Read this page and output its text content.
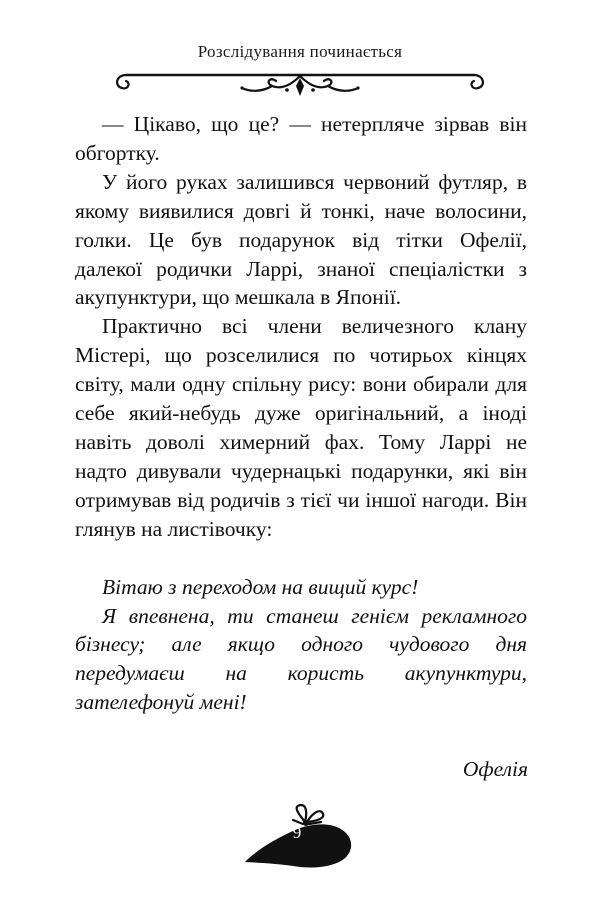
Розслідування починається

— Цікаво, що це? — нетерпляче зірвав він обгортку.

У його руках залишився червоний футляр, в якому виявилися довгі й тонкі, наче волосини, голки. Це був подарунок від тітки Офелії, далекої родички Ларрі, знаної спеціалістки з акупунктури, що мешкала в Японії.

Практично всі члени величезного клану Містері, що розселилися по чотирьох кінцях світу, мали одну спільну рису: вони обирали для себе який-небудь дуже оригінальний, а іноді навіть доволі химерний фах. Тому Ларрі не надто дивували чудернацькі подарунки, які він отримував від родичів з тієї чи іншої нагоди. Він глянув на листівочку:

Вітаю з переходом на вищий курс!

Я впевнена, ти станеш генієм рекламного бізнесу; але якщо одного чудового дня передумаєш на користь акупунктури, зателефонуй мені!

Офелія
9
